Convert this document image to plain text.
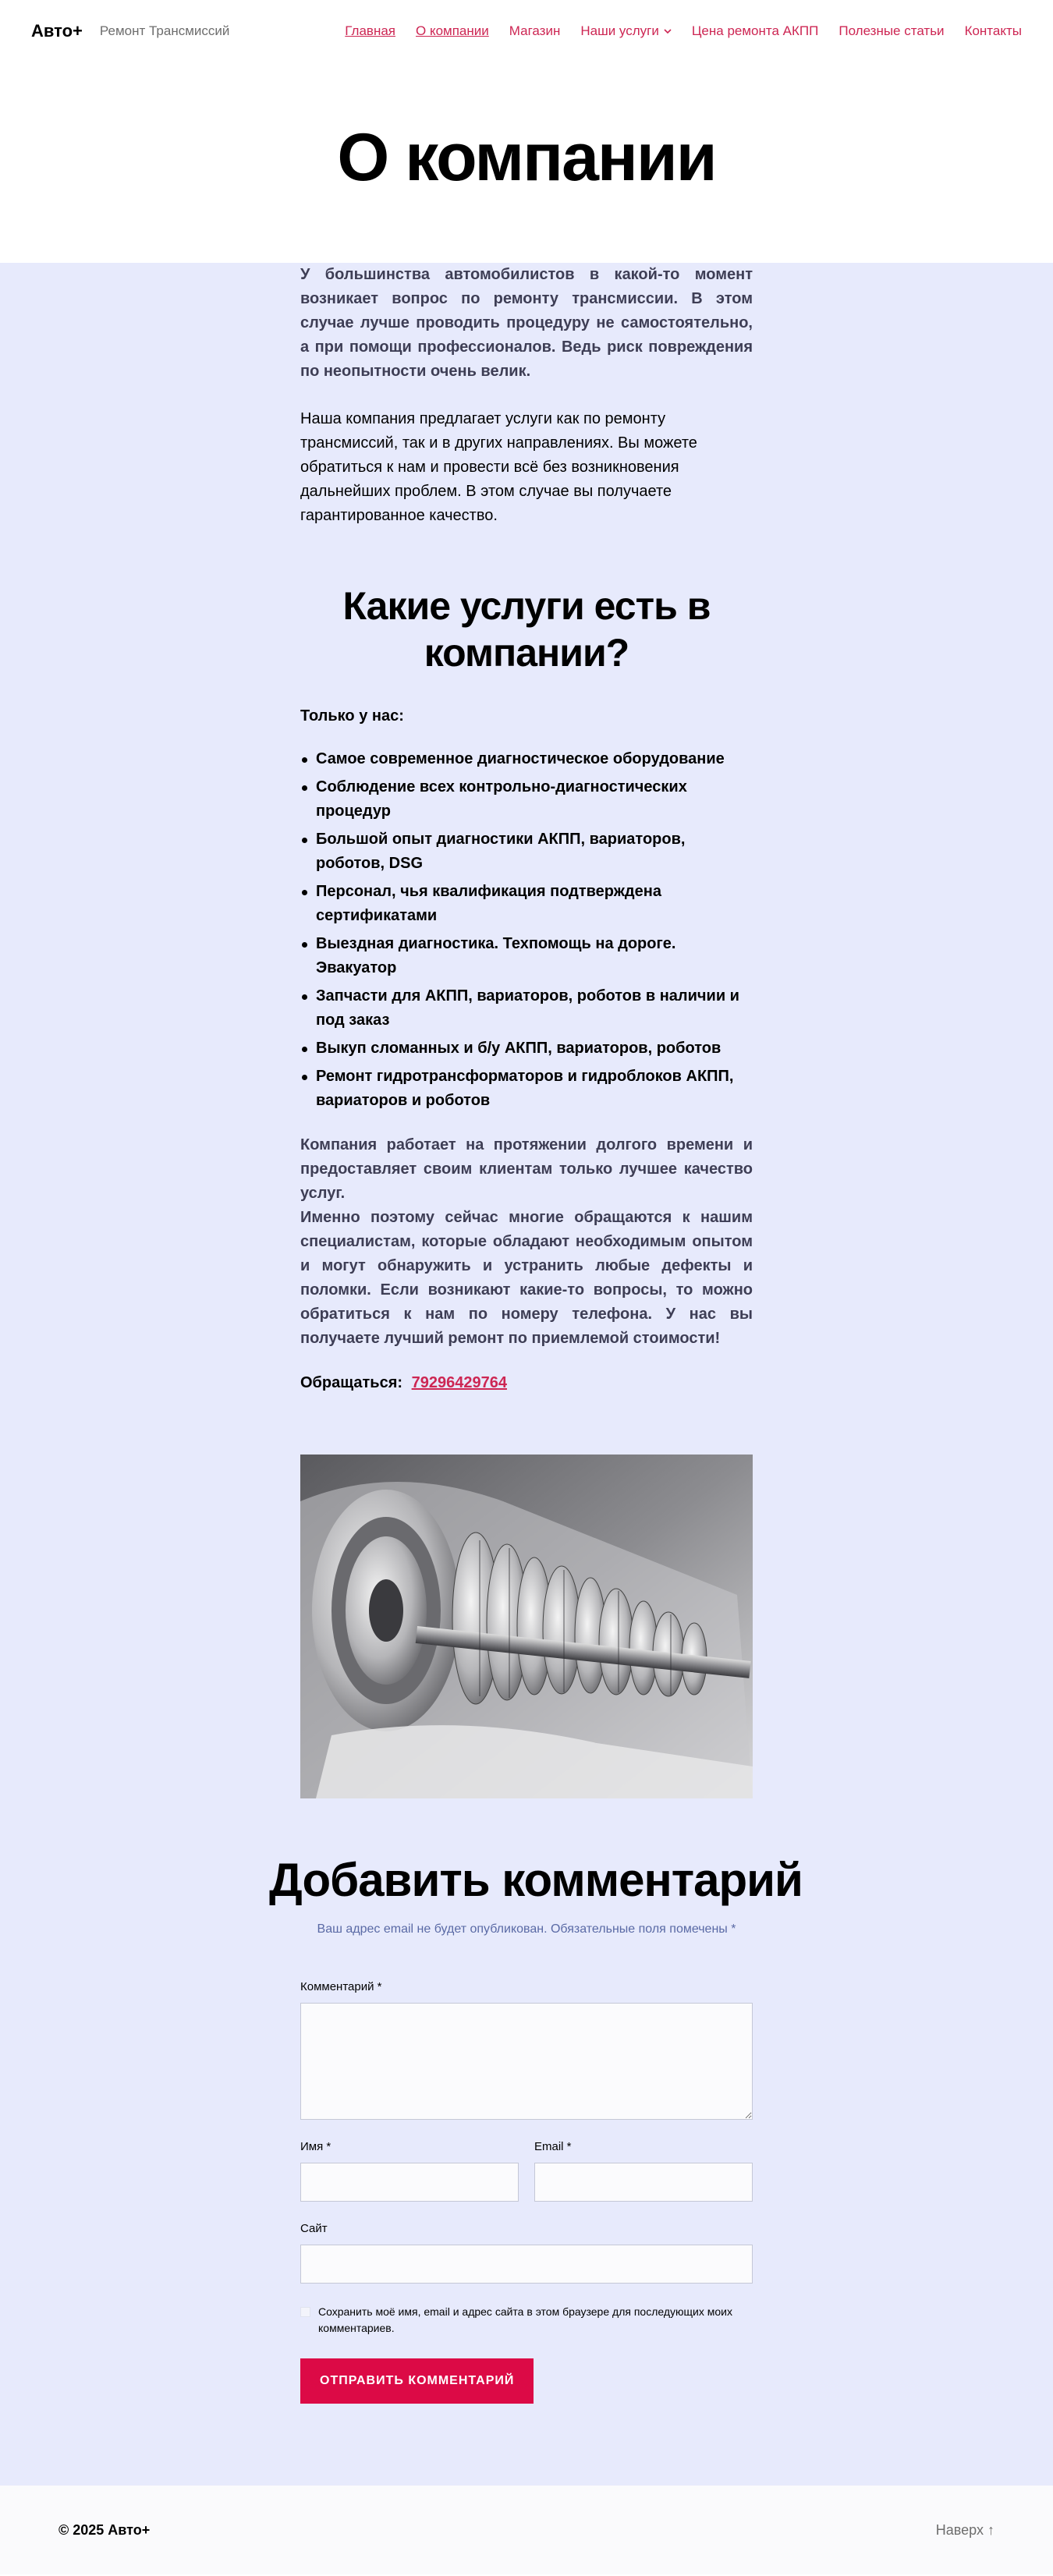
Авто+ Ремонт Трансмиссий	Главная О компании Магазин Наши услуги Цена ремонта АКПП Полезные статьи Контакты
О компании

У большинства автомобилистов в какой-то момент возникает вопрос по ремонту трансмиссии. В этом случае лучше проводить процедуру не самостоятельно, а при помощи профессионалов. Ведь риск повреждения по неопытности очень велик.

Наша компания предлагает услуги как по ремонту трансмиссий, так и в других направлениях. Вы можете обратиться к нам и провести всё без возникновения дальнейших проблем. В этом случае вы получаете гарантированное качество.

Какие услуги есть в компании?

Только у нас:

Самое современное диагностическое оборудование
Соблюдение всех контрольно-диагностических процедур
Большой опыт диагностики АКПП, вариаторов, роботов, DSG
Персонал, чья квалификация подтверждена сертификатами
Выездная диагностика. Техпомощь на дороге. Эвакуатор
Запчасти для АКПП, вариаторов, роботов в наличии и под заказ
Выкуп сломанных и б/у АКПП, вариаторов, роботов
Ремонт гидротрансформаторов и гидроблоков АКПП, вариаторов и роботов

Компания работает на протяжении долгого времени и предоставляет своим клиентам только лучшее качество услуг.
Именно поэтому сейчас многие обращаются к нашим специалистам, которые обладают необходимым опытом и могут обнаружить и устранить любые дефекты и поломки. Если возникают какие-то вопросы, то можно обратиться к нам по номеру телефона. У нас вы получаете лучший ремонт по приемлемой стоимости!

Обращаться: 79296429764

Добавить комментарий

Ваш адрес email не будет опубликован. Обязательные поля помечены *

Комментарий *

Имя *	Email *

Сайт

Сохранить моё имя, email и адрес сайта в этом браузере для последующих моих комментариев.
ОТПРАВИТЬ КОММЕНТАРИЙ
© 2025 Авто+	Наверх ↑
